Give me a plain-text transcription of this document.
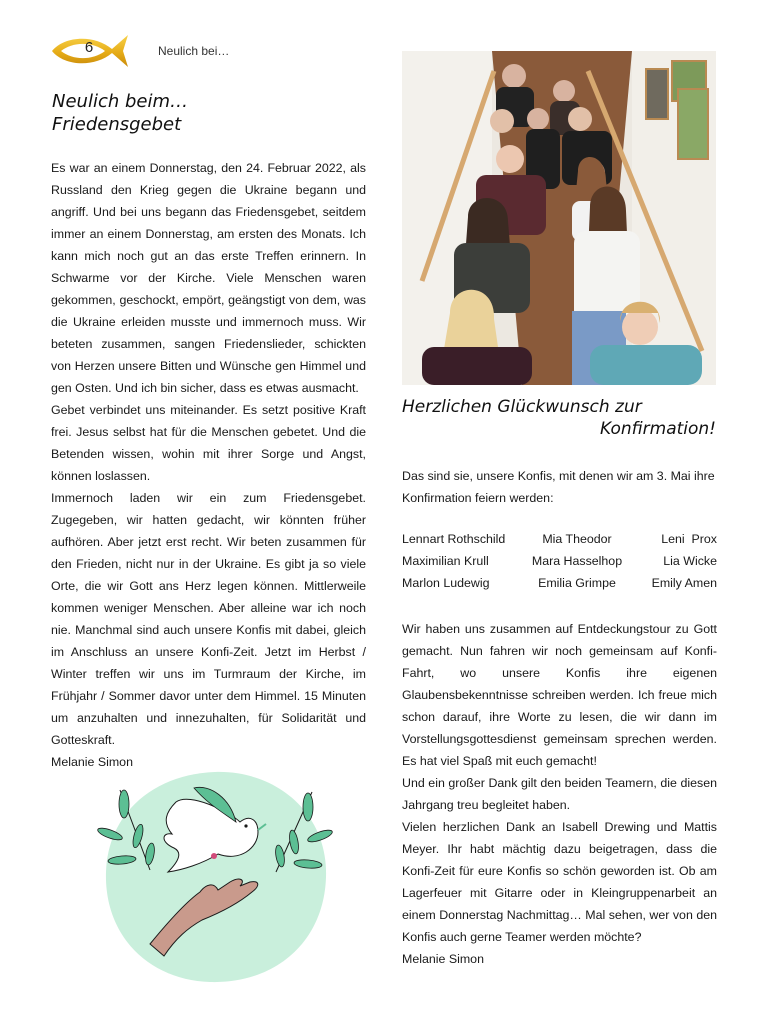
6	Neulich bei…
Neulich beim…
Friedensgebet

Es war an einem Donnerstag, den 24. Februar 2022, als Russland den Krieg gegen die Ukraine begann und angriff. Und bei uns begann das Friedensgebet, seitdem immer an einem Donnerstag, am ersten des Monats. Ich kann mich noch gut an das erste Treffen erinnern. In Schwarme vor der Kirche. Viele Menschen waren gekommen, geschockt, empört, geängstigt von dem, was die Ukraine erleiden musste und immernoch muss. Wir beteten zusammen, sangen Friedenslieder, schickten von Herzen unsere Bitten und Wünsche gen Himmel und gen Osten. Und ich bin sicher, dass es etwas ausmacht.

Gebet verbindet uns miteinander. Es setzt positive Kraft frei. Jesus selbst hat für die Menschen gebetet. Und die Betenden wissen, wohin mit ihrer Sorge und Angst, können loslassen.

Immernoch laden wir ein zum Friedensgebet. Zugegeben, wir hatten gedacht, wir könnten früher aufhören. Aber jetzt erst recht. Wir beten zusammen für den Frieden, nicht nur in der Ukraine. Es gibt ja so viele Orte, die wir Gott ans Herz legen können. Mittlerweile kommen weniger Menschen. Aber alleine war ich noch nie. Manchmal sind auch unsere Konfis mit dabei, gleich im Anschluss an unsere Konfi-Zeit. Jetzt im Herbst / Winter treffen wir uns im Turmraum der Kirche, im Frühjahr / Sommer davor unter dem Himmel. 15 Minuten um anzuhalten und innezuhalten, für Solidarität und Gotteskraft.

Melanie Simon

Herzlichen Glückwunsch zur
Konfirmation!

Das sind sie, unsere Konfis, mit denen wir am 3. Mai ihre Konfirmation feiern werden:

Lennart Rothschild	Mia Theodor	Leni  Prox
Maximilian Krull	Mara Hasselhop	Lia Wicke
Marlon Ludewig	Emilia Grimpe	Emily Amen

Wir haben uns zusammen auf Entdeckungstour zu Gott gemacht. Nun fahren wir noch gemeinsam auf Konfi-Fahrt, wo unsere Konfis ihre eigenen Glaubensbekenntnisse schreiben werden. Ich freue mich schon darauf, ihre Worte zu lesen, die wir dann im Vorstellungsgottesdienst gemeinsam sprechen werden. Es hat viel Spaß mit euch gemacht!

Und ein großer Dank gilt den beiden Teamern, die diesen Jahrgang treu begleitet haben.

Vielen herzlichen Dank an Isabell Drewing und Mattis Meyer. Ihr habt mächtig dazu beigetragen, dass die Konfi-Zeit für eure Konfis so schön geworden ist. Ob am Lagerfeuer mit Gitarre oder in Kleingruppenarbeit an einem Donnerstag Nachmittag… Mal sehen, wer von den Konfis auch gerne Teamer werden möchte?

Melanie Simon
